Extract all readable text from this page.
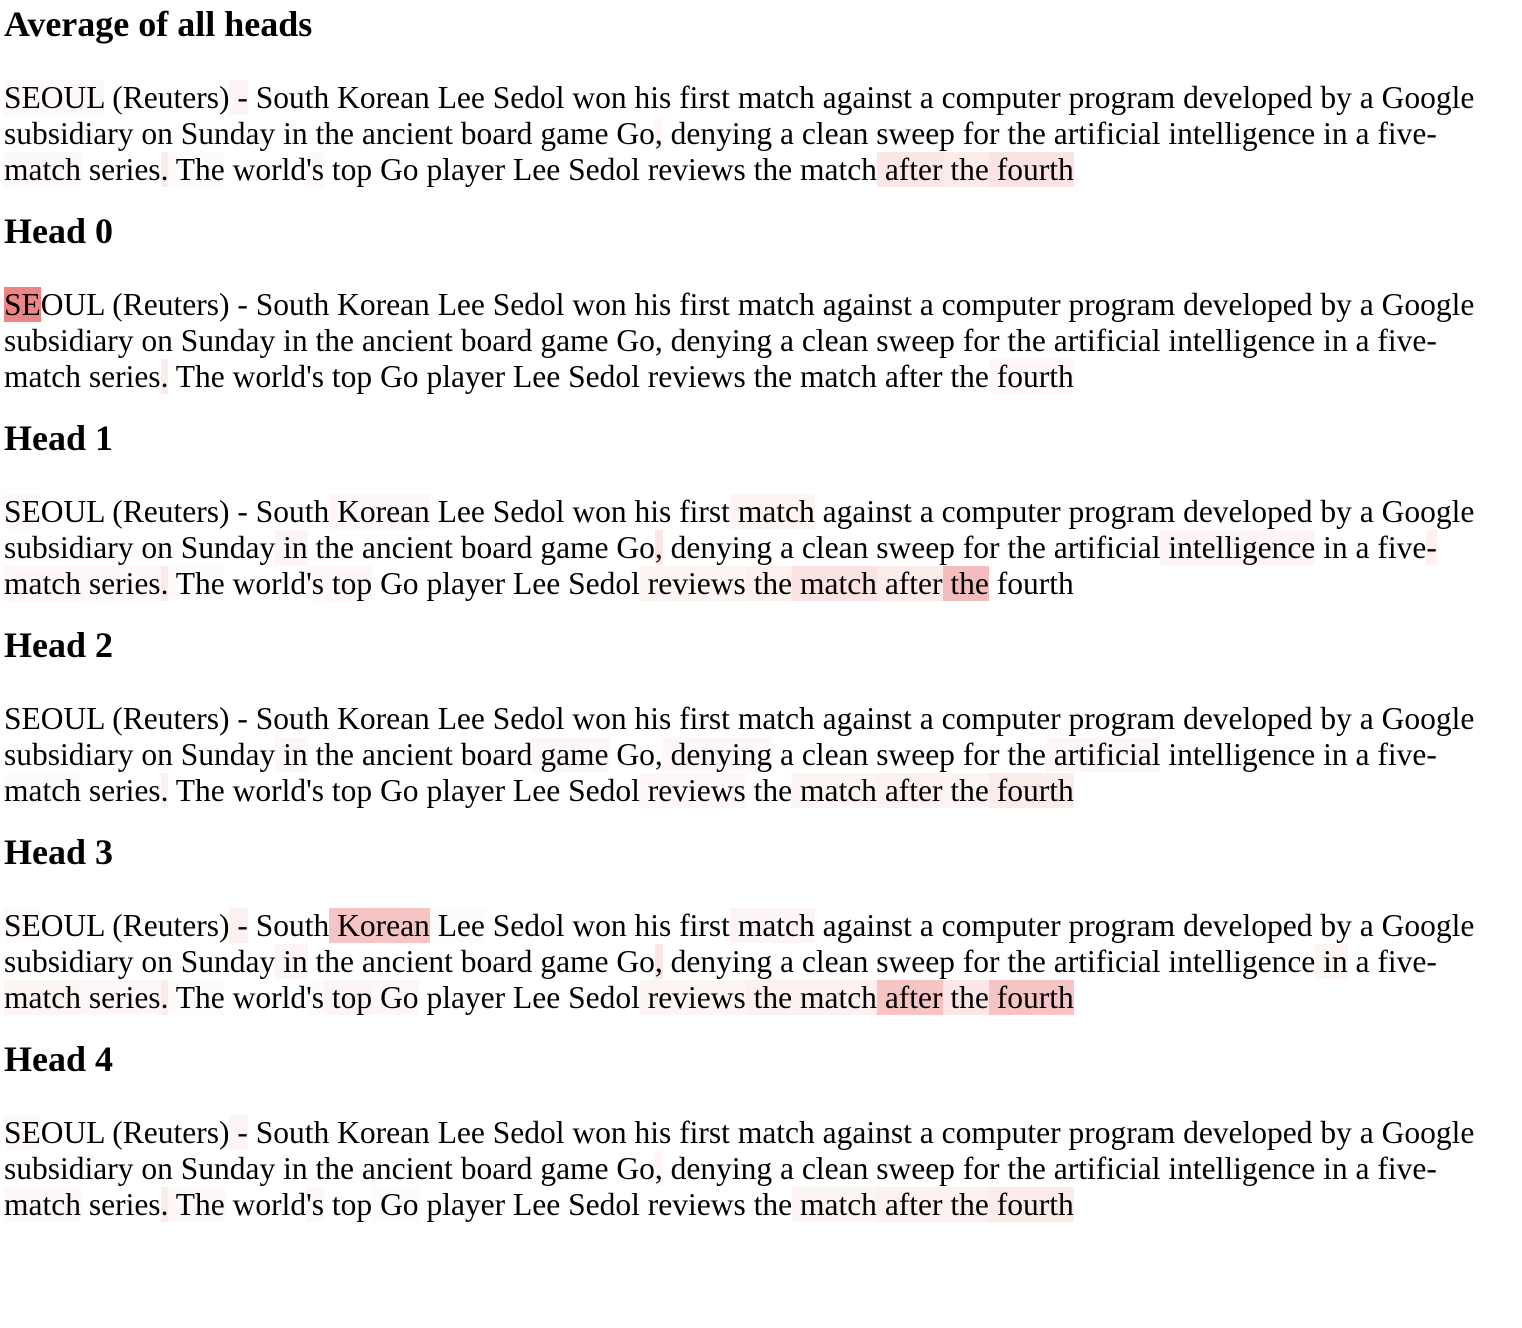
Average of all heads

SEOUL (Reuters) - South Korean Lee Sedol won his first match against a computer program developed by a Google subsidiary on Sunday in the ancient board game Go, denying a clean sweep for the artificial intelligence in a five-match series. The world's top Go player Lee Sedol reviews the match after the fourth

Head 0

SEOUL (Reuters) - South Korean Lee Sedol won his first match against a computer program developed by a Google subsidiary on Sunday in the ancient board game Go, denying a clean sweep for the artificial intelligence in a five-match series. The world's top Go player Lee Sedol reviews the match after the fourth

Head 1

SEOUL (Reuters) - South Korean Lee Sedol won his first match against a computer program developed by a Google subsidiary on Sunday in the ancient board game Go, denying a clean sweep for the artificial intelligence in a five-match series. The world's top Go player Lee Sedol reviews the match after the fourth

Head 2

SEOUL (Reuters) - South Korean Lee Sedol won his first match against a computer program developed by a Google subsidiary on Sunday in the ancient board game Go, denying a clean sweep for the artificial intelligence in a five-match series. The world's top Go player Lee Sedol reviews the match after the fourth

Head 3

SEOUL (Reuters) - South Korean Lee Sedol won his first match against a computer program developed by a Google subsidiary on Sunday in the ancient board game Go, denying a clean sweep for the artificial intelligence in a five-match series. The world's top Go player Lee Sedol reviews the match after the fourth

Head 4

SEOUL (Reuters) - South Korean Lee Sedol won his first match against a computer program developed by a Google subsidiary on Sunday in the ancient board game Go, denying a clean sweep for the artificial intelligence in a five-match series. The world's top Go player Lee Sedol reviews the match after the fourth
